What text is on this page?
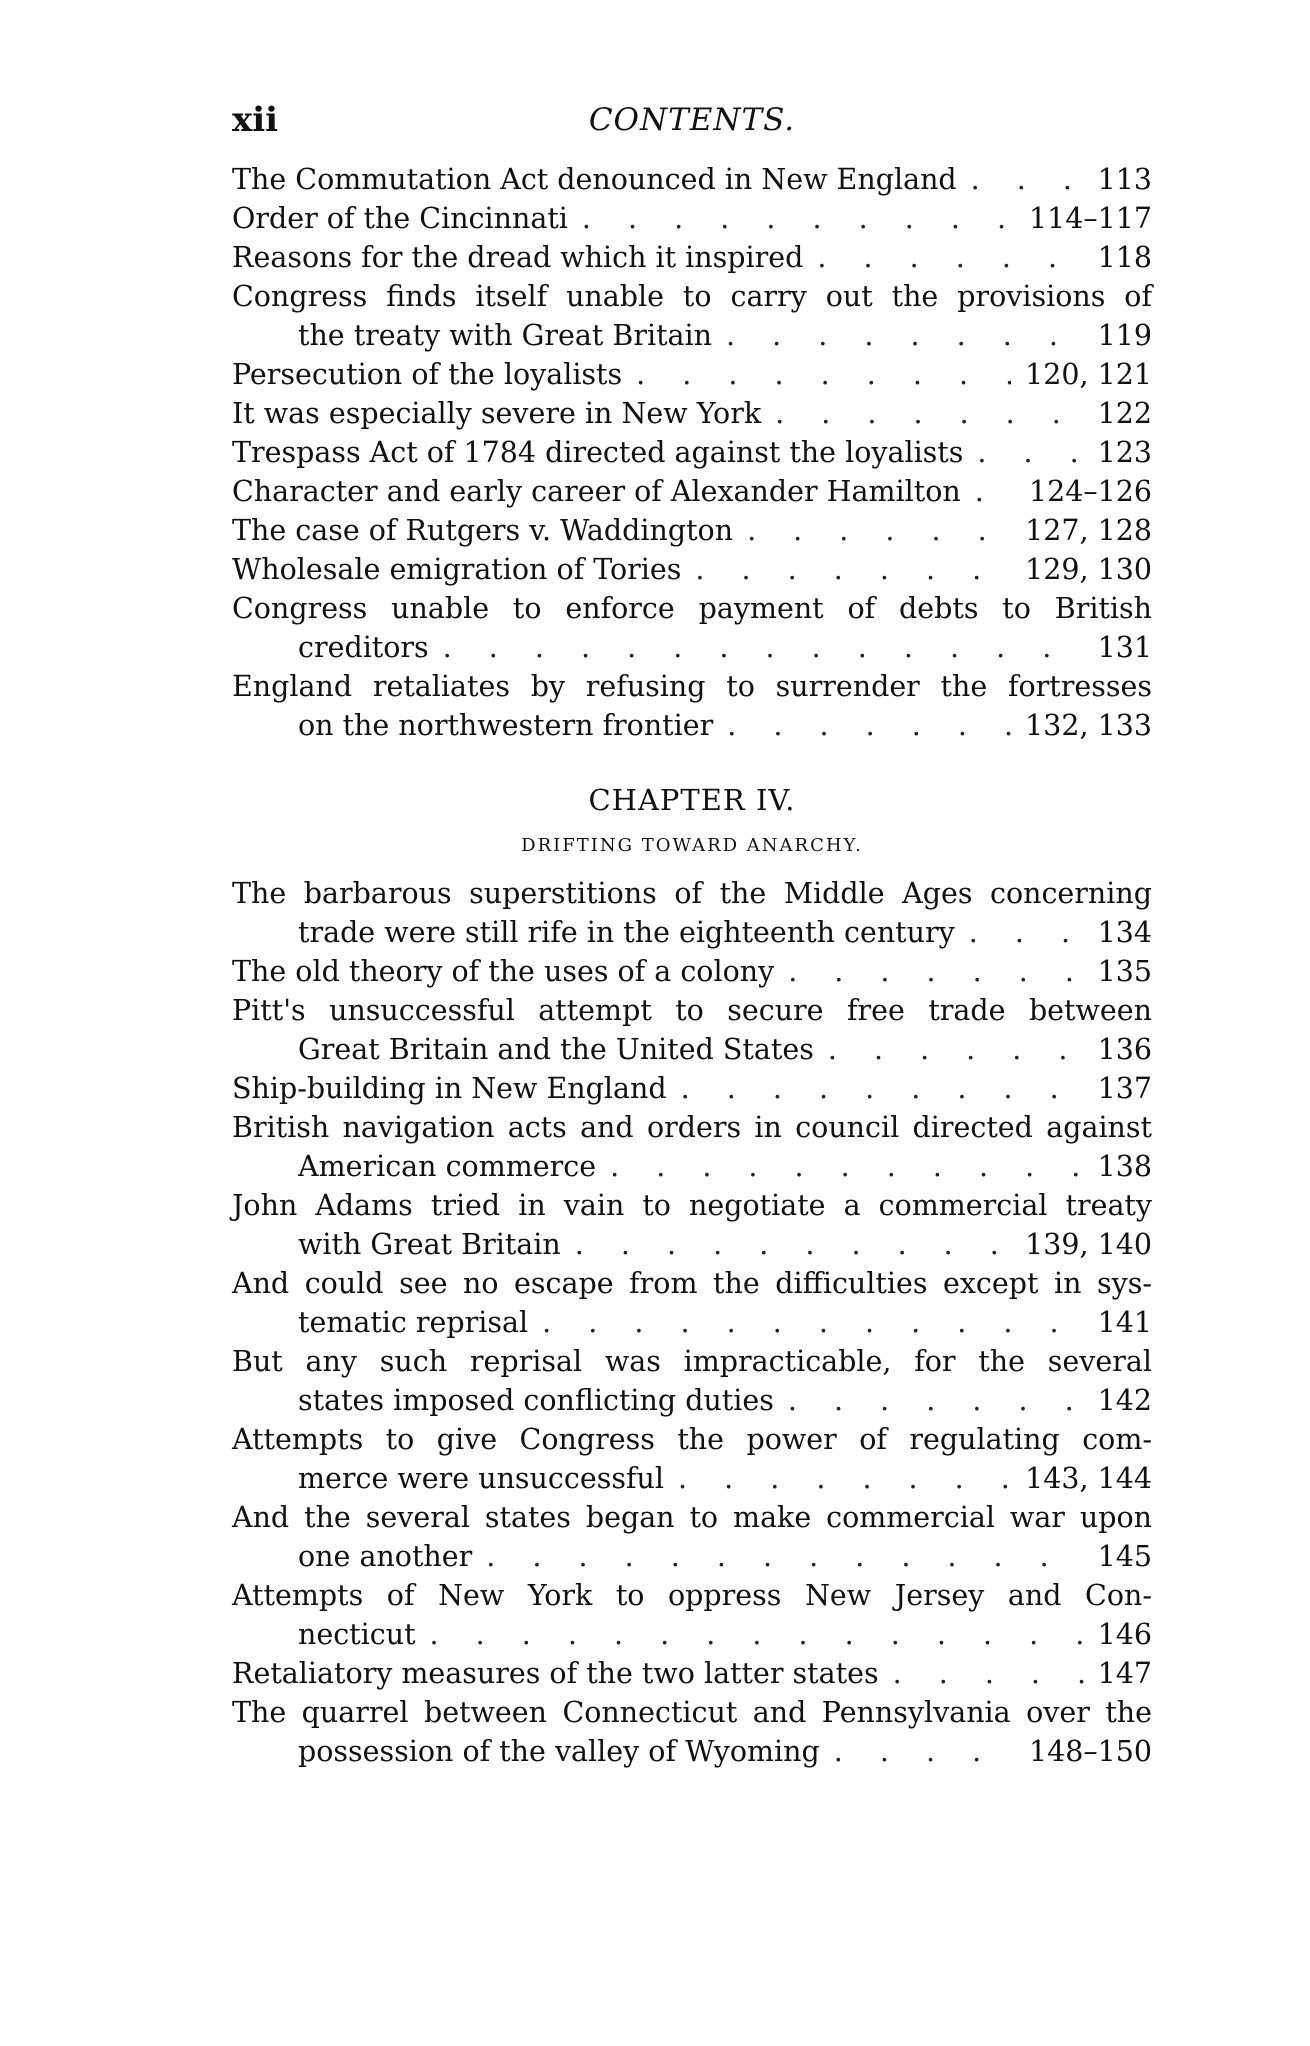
xii	CONTENTS.
The Commutation Act denounced in New England . . .	113
Order of the Cincinnati . . .	114–117
Reasons for the dread which it inspired . . .	118
Congress finds itself unable to carry out the provisions of
the treaty with Great Britain . . .	119
Persecution of the loyalists . . .	120, 121
It was especially severe in New York . . .	122
Trespass Act of 1784 directed against the loyalists . . .	123
Character and early career of Alexander Hamilton . . . 124–126
The case of Rutgers v. Waddington . . .	127, 128
Wholesale emigration of Tories . . .	129, 130
Congress unable to enforce payment of debts to British
creditors . . .	131
England retaliates by refusing to surrender the fortresses
on the northwestern frontier . . .	132, 133
CHAPTER IV.
DRIFTING TOWARD ANARCHY.
The barbarous superstitions of the Middle Ages concerning
trade were still rife in the eighteenth century . . .	134
The old theory of the uses of a colony . . .	135
Pitt's unsuccessful attempt to secure free trade between
Great Britain and the United States . . .	136
Ship-building in New England . . .	137
British navigation acts and orders in council directed against
American commerce . . .	138
John Adams tried in vain to negotiate a commercial treaty
with Great Britain . . .	139, 140
And could see no escape from the difficulties except in sys-
tematic reprisal . . .	141
But any such reprisal was impracticable, for the several
states imposed conflicting duties . . .	142
Attempts to give Congress the power of regulating com-
merce were unsuccessful . . .	143, 144
And the several states began to make commercial war upon
one another . . .	145
Attempts of New York to oppress New Jersey and Con-
necticut . . .	146
Retaliatory measures of the two latter states . . .	147
The quarrel between Connecticut and Pennsylvania over the
possession of the valley of Wyoming . . .	148–150
